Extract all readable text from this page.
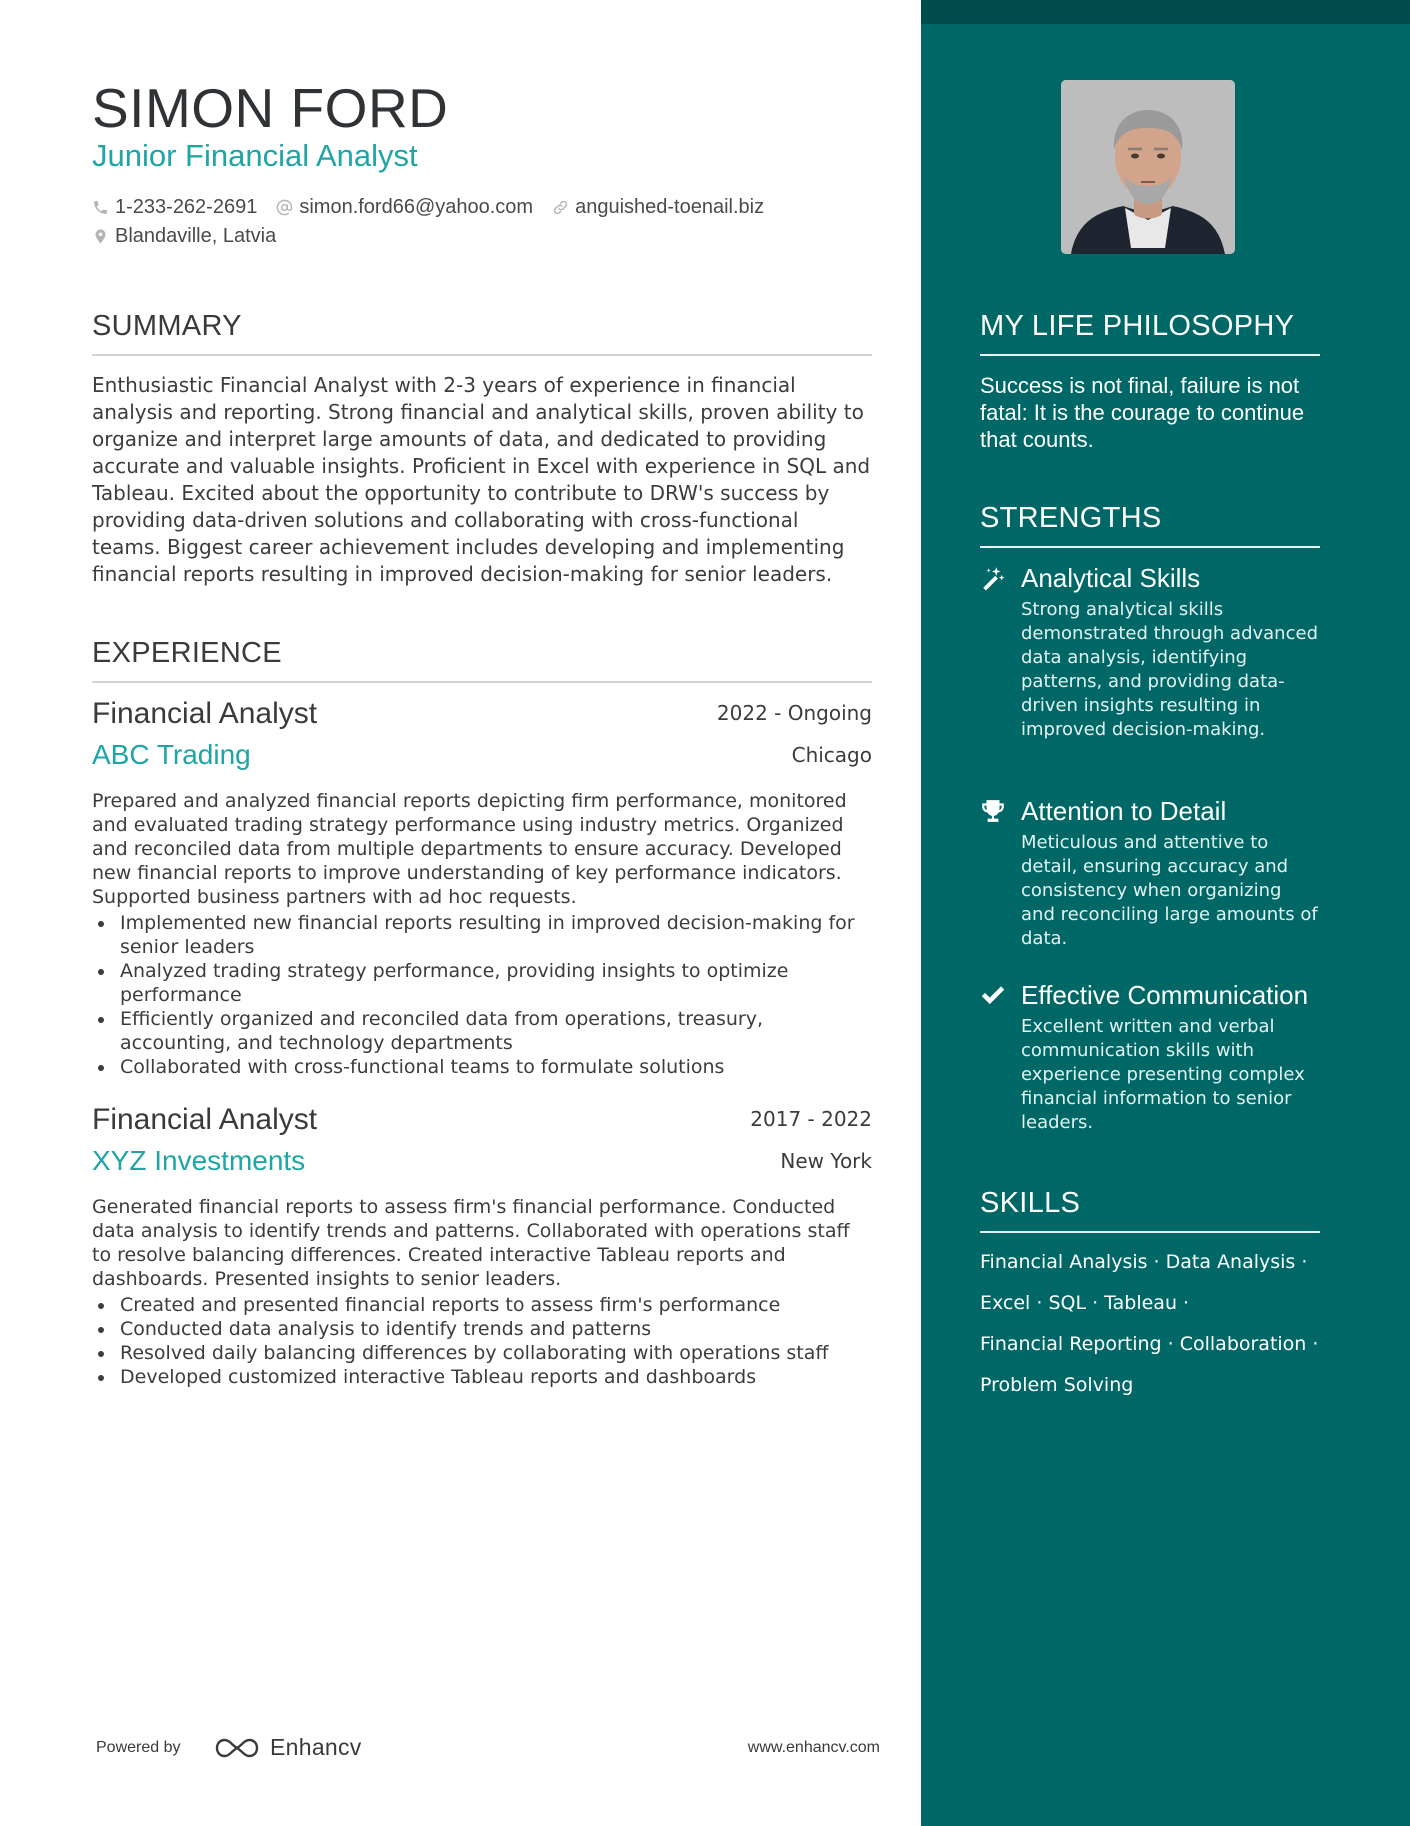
SIMON FORD
Junior Financial Analyst
1-233-262-2691 simon.ford66@yahoo.com anguished-toenail.biz
Blandaville, Latvia
SUMMARY
Enthusiastic Financial Analyst with 2-3 years of experience in financial analysis and reporting. Strong financial and analytical skills, proven ability to organize and interpret large amounts of data, and dedicated to providing accurate and valuable insights. Proficient in Excel with experience in SQL and Tableau. Excited about the opportunity to contribute to DRW's success by providing data-driven solutions and collaborating with cross-functional teams. Biggest career achievement includes developing and implementing financial reports resulting in improved decision-making for senior leaders.
EXPERIENCE
Financial Analyst	2022 - Ongoing
ABC Trading	Chicago
Prepared and analyzed financial reports depicting firm performance, monitored and evaluated trading strategy performance using industry metrics. Organized and reconciled data from multiple departments to ensure accuracy. Developed new financial reports to improve understanding of key performance indicators. Supported business partners with ad hoc requests.
Implemented new financial reports resulting in improved decision-making for senior leaders
Analyzed trading strategy performance, providing insights to optimize performance
Efficiently organized and reconciled data from operations, treasury, accounting, and technology departments
Collaborated with cross-functional teams to formulate solutions
Financial Analyst	2017 - 2022
XYZ Investments	New York
Generated financial reports to assess firm's financial performance. Conducted data analysis to identify trends and patterns. Collaborated with operations staff to resolve balancing differences. Created interactive Tableau reports and dashboards. Presented insights to senior leaders.
Created and presented financial reports to assess firm's performance
Conducted data analysis to identify trends and patterns
Resolved daily balancing differences by collaborating with operations staff
Developed customized interactive Tableau reports and dashboards
Powered by	Enhancv	www.enhancv.com
MY LIFE PHILOSOPHY
Success is not final, failure is not fatal: It is the courage to continue that counts.
STRENGTHS
Analytical Skills
Strong analytical skills demonstrated through advanced data analysis, identifying patterns, and providing data-driven insights resulting in improved decision-making.
Attention to Detail
Meticulous and attentive to detail, ensuring accuracy and consistency when organizing and reconciling large amounts of data.
Effective Communication
Excellent written and verbal communication skills with experience presenting complex financial information to senior leaders.
SKILLS
Financial Analysis · Data Analysis ·
Excel · SQL · Tableau ·
Financial Reporting · Collaboration ·
Problem Solving
